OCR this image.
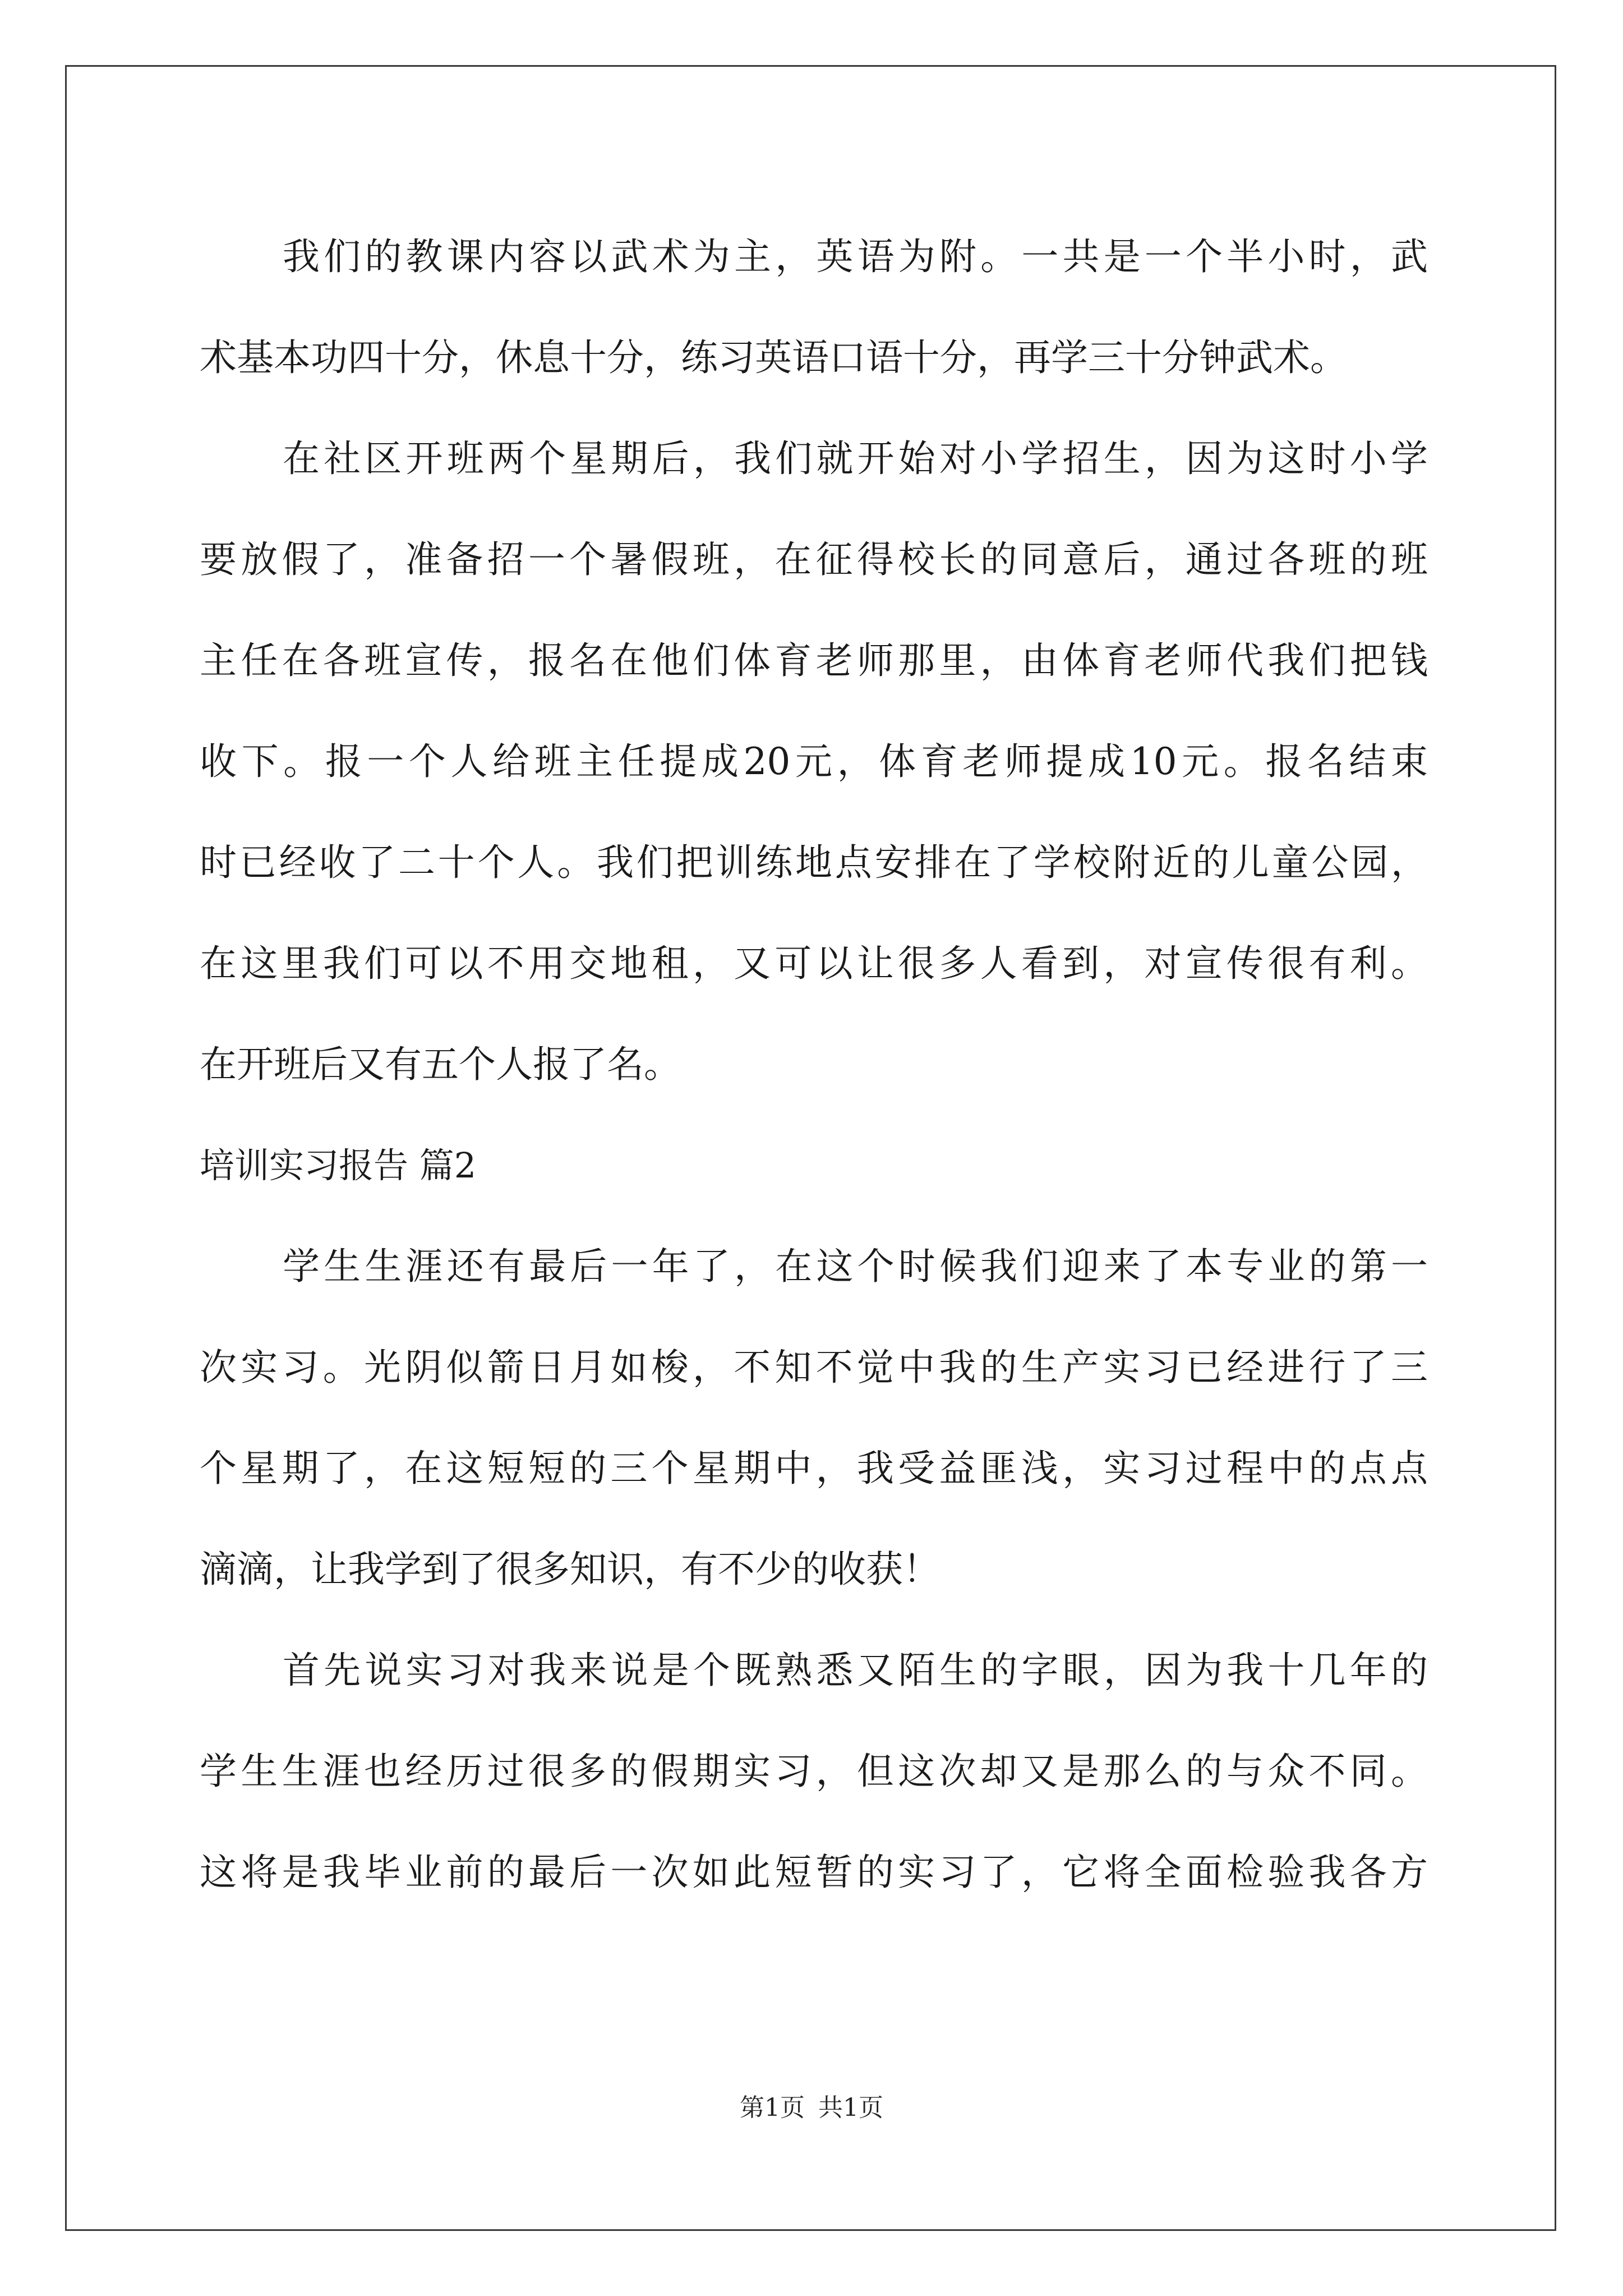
我们的教课内容以武术为主，英语为附。一共是一个半小时，武
术基本功四十分，休息十分，练习英语口语十分，再学三十分钟武术。
在社区开班两个星期后，我们就开始对小学招生，因为这时小学
要放假了，准备招一个暑假班，在征得校长的同意后，通过各班的班
主任在各班宣传，报名在他们体育老师那里，由体育老师代我们把钱
收下。报一个人给班主任提成20元，体育老师提成10元。报名结束
时已经收了二十个人。我们把训练地点安排在了学校附近的儿童公园，
在这里我们可以不用交地租，又可以让很多人看到，对宣传很有利。
在开班后又有五个人报了名。
培训实习报告 篇2
学生生涯还有最后一年了，在这个时候我们迎来了本专业的第一
次实习。光阴似箭日月如梭，不知不觉中我的生产实习已经进行了三
个星期了，在这短短的三个星期中，我受益匪浅，实习过程中的点点
滴滴，让我学到了很多知识，有不少的收获！
首先说实习对我来说是个既熟悉又陌生的字眼，因为我十几年的
学生生涯也经历过很多的假期实习，但这次却又是那么的与众不同。
这将是我毕业前的最后一次如此短暂的实习了，它将全面检验我各方
第1页 共1页
